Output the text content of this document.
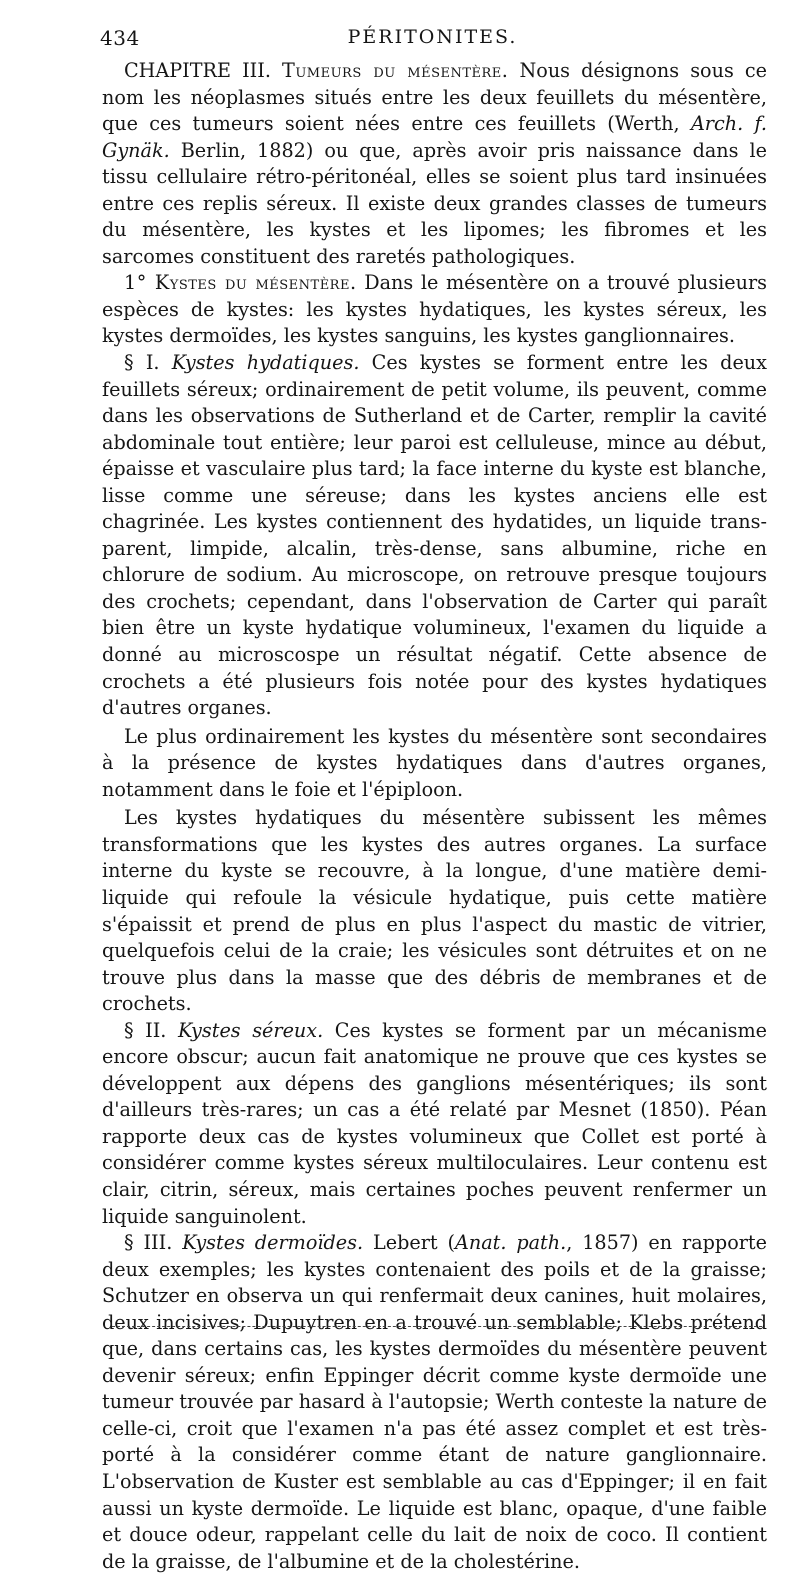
434	PÉRITONITES.

CHAPITRE III. Tumeurs du mésentère. Nous désignons sous ce nom les néoplasmes situés entre les deux feuillets du mésentère, que ces tumeurs soient nées entre ces feuillets (Werth, Arch. f. Gynäk. Berlin, 1882) ou que, après avoir pris naissance dans le tissu cellulaire rétro-péritonéal, elles se soient plus tard insinuées entre ces replis séreux. Il existe deux grandes classes de tumeurs du mésentère, les kystes et les lipomes; les fibromes et les sarcomes constituent des raretés pathologiques.

1° Kystes du mésentère. Dans le mésentère on a trouvé plusieurs espèces de kystes: les kystes hydatiques, les kystes séreux, les kystes dermoïdes, les kystes sanguins, les kystes ganglionnaires.

§ I. Kystes hydatiques. Ces kystes se forment entre les deux feuillets séreux; ordinairement de petit volume, ils peuvent, comme dans les observations de Sutherland et de Carter, remplir la cavité abdominale tout entière; leur paroi est celluleuse, mince au début, épaisse et vasculaire plus tard; la face interne du kyste est blanche, lisse comme une séreuse; dans les kystes anciens elle est chagrinée. Les kystes contiennent des hydatides, un liquide transparent, limpide, alcalin, très-dense, sans albumine, riche en chlorure de sodium. Au microscope, on retrouve presque toujours des crochets; cependant, dans l'observation de Carter qui paraît bien être un kyste hydatique volumineux, l'examen du liquide a donné au microscospe un résultat négatif. Cette absence de crochets a été plusieurs fois notée pour des kystes hydatiques d'autres organes.

Le plus ordinairement les kystes du mésentère sont secondaires à la présence de kystes hydatiques dans d'autres organes, notamment dans le foie et l'épiploon.

Les kystes hydatiques du mésentère subissent les mêmes transformations que les kystes des autres organes. La surface interne du kyste se recouvre, à la longue, d'une matière demi-liquide qui refoule la vésicule hydatique, puis cette matière s'épaissit et prend de plus en plus l'aspect du mastic de vitrier, quelquefois celui de la craie; les vésicules sont détruites et on ne trouve plus dans la masse que des débris de membranes et de crochets.

§ II. Kystes séreux. Ces kystes se forment par un mécanisme encore obscur; aucun fait anatomique ne prouve que ces kystes se développent aux dépens des ganglions mésentériques; ils sont d'ailleurs très-rares; un cas a été relaté par Mesnet (1850). Péan rapporte deux cas de kystes volumineux que Collet est porté à considérer comme kystes séreux multiloculaires. Leur contenu est clair, citrin, séreux, mais certaines poches peuvent renfermer un liquide sanguinolent.

§ III. Kystes dermoïdes. Lebert (Anat. path., 1857) en rapporte deux exemples; les kystes contenaient des poils et de la graisse; Schutzer en observa un qui renfermait deux canines, huit molaires, deux incisives; Dupuytren en a trouvé un semblable; Klebs prétend que, dans certains cas, les kystes dermoïdes du mésentère peuvent devenir séreux; enfin Eppinger décrit comme kyste dermoïde une tumeur trouvée par hasard à l'autopsie; Werth conteste la nature de celle-ci, croit que l'examen n'a pas été assez complet et est trèsporté à la considérer comme étant de nature ganglionnaire. L'observation de Kuster est semblable au cas d'Eppinger; il en fait aussi un kyste dermoïde. Le liquide est blanc, opaque, d'une faible et douce odeur, rappelant celle du lait de noix de coco. Il contient de la graisse, de l'albumine et de la cholestérine.
